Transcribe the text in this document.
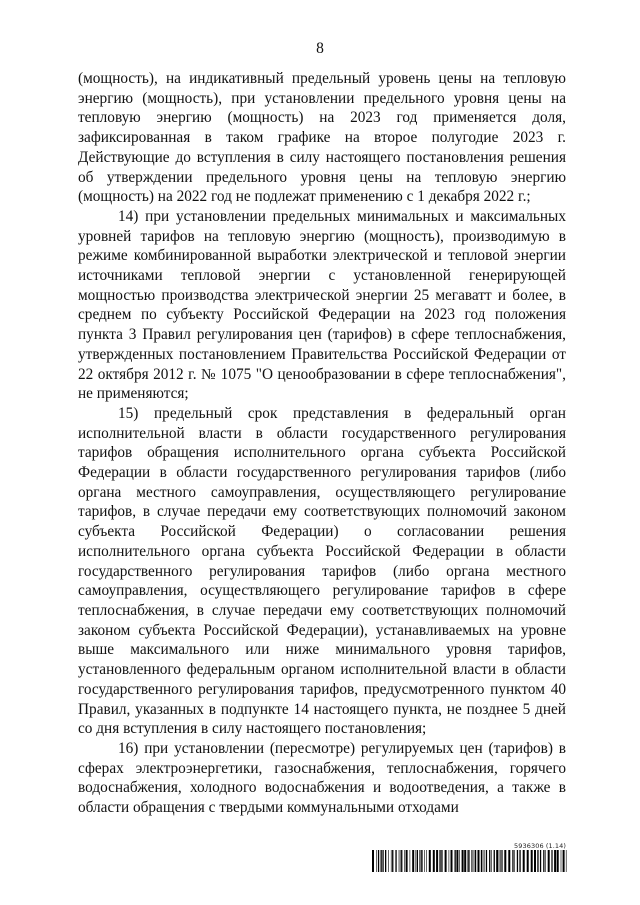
8

(мощность), на индикативный предельный уровень цены на тепловую энергию (мощность), при установлении предельного уровня цены на тепловую энергию (мощность) на 2023 год применяется доля, зафиксированная в таком графике на второе полугодие 2023 г. Действующие до вступления в силу настоящего постановления решения об утверждении предельного уровня цены на тепловую энергию (мощность) на 2022 год не подлежат применению с 1 декабря 2022 г.;

14) при установлении предельных минимальных и максимальных уровней тарифов на тепловую энергию (мощность), производимую в режиме комбинированной выработки электрической и тепловой энергии источниками тепловой энергии с установленной генерирующей мощностью производства электрической энергии 25 мегаватт и более, в среднем по субъекту Российской Федерации на 2023 год положения пункта 3 Правил регулирования цен (тарифов) в сфере теплоснабжения, утвержденных постановлением Правительства Российской Федерации от 22 октября 2012 г. № 1075 "О ценообразовании в сфере теплоснабжения", не применяются;

15) предельный срок представления в федеральный орган исполнительной власти в области государственного регулирования тарифов обращения исполнительного органа субъекта Российской Федерации в области государственного регулирования тарифов (либо органа местного самоуправления, осуществляющего регулирование тарифов, в случае передачи ему соответствующих полномочий законом субъекта Российской Федерации) о согласовании решения исполнительного органа субъекта Российской Федерации в области государственного регулирования тарифов (либо органа местного самоуправления, осуществляющего регулирование тарифов в сфере теплоснабжения, в случае передачи ему соответствующих полномочий законом субъекта Российской Федерации), устанавливаемых на уровне выше максимального или ниже минимального уровня тарифов, установленного федеральным органом исполнительной власти в области государственного регулирования тарифов, предусмотренного пунктом 40 Правил, указанных в подпункте 14 настоящего пункта, не позднее 5 дней со дня вступления в силу настоящего постановления;

16) при установлении (пересмотре) регулируемых цен (тарифов) в сферах электроэнергетики, газоснабжения, теплоснабжения, горячего водоснабжения, холодного водоснабжения и водоотведения, а также в области обращения с твердыми коммунальными отходами

5936306 (1.14)
